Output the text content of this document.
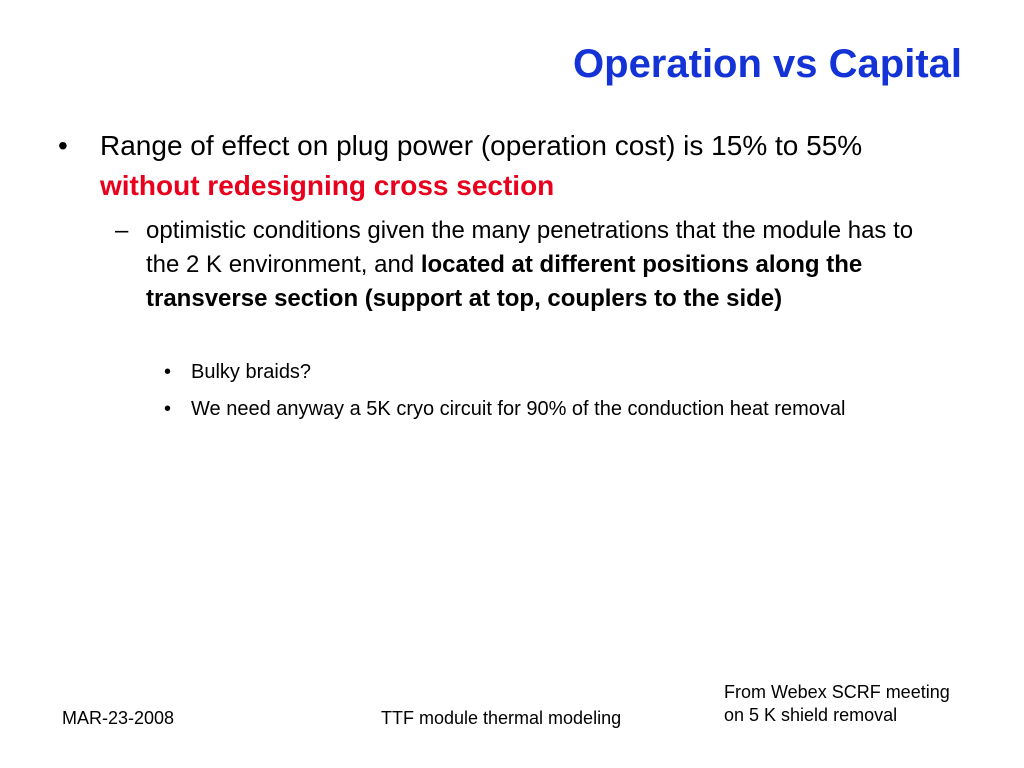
Operation vs Capital
• Range of effect on plug power (operation cost) is 15% to 55% without redesigning cross section
– optimistic conditions given the many penetrations that the module has to the 2 K environment, and located at different positions along the transverse section (support at top, couplers to the side)
• Bulky braids?
• We need anyway a 5K cryo circuit for 90% of the conduction heat removal
MAR-23-2008	TTF module thermal modeling
From Webex SCRF meeting
on 5 K shield removal
